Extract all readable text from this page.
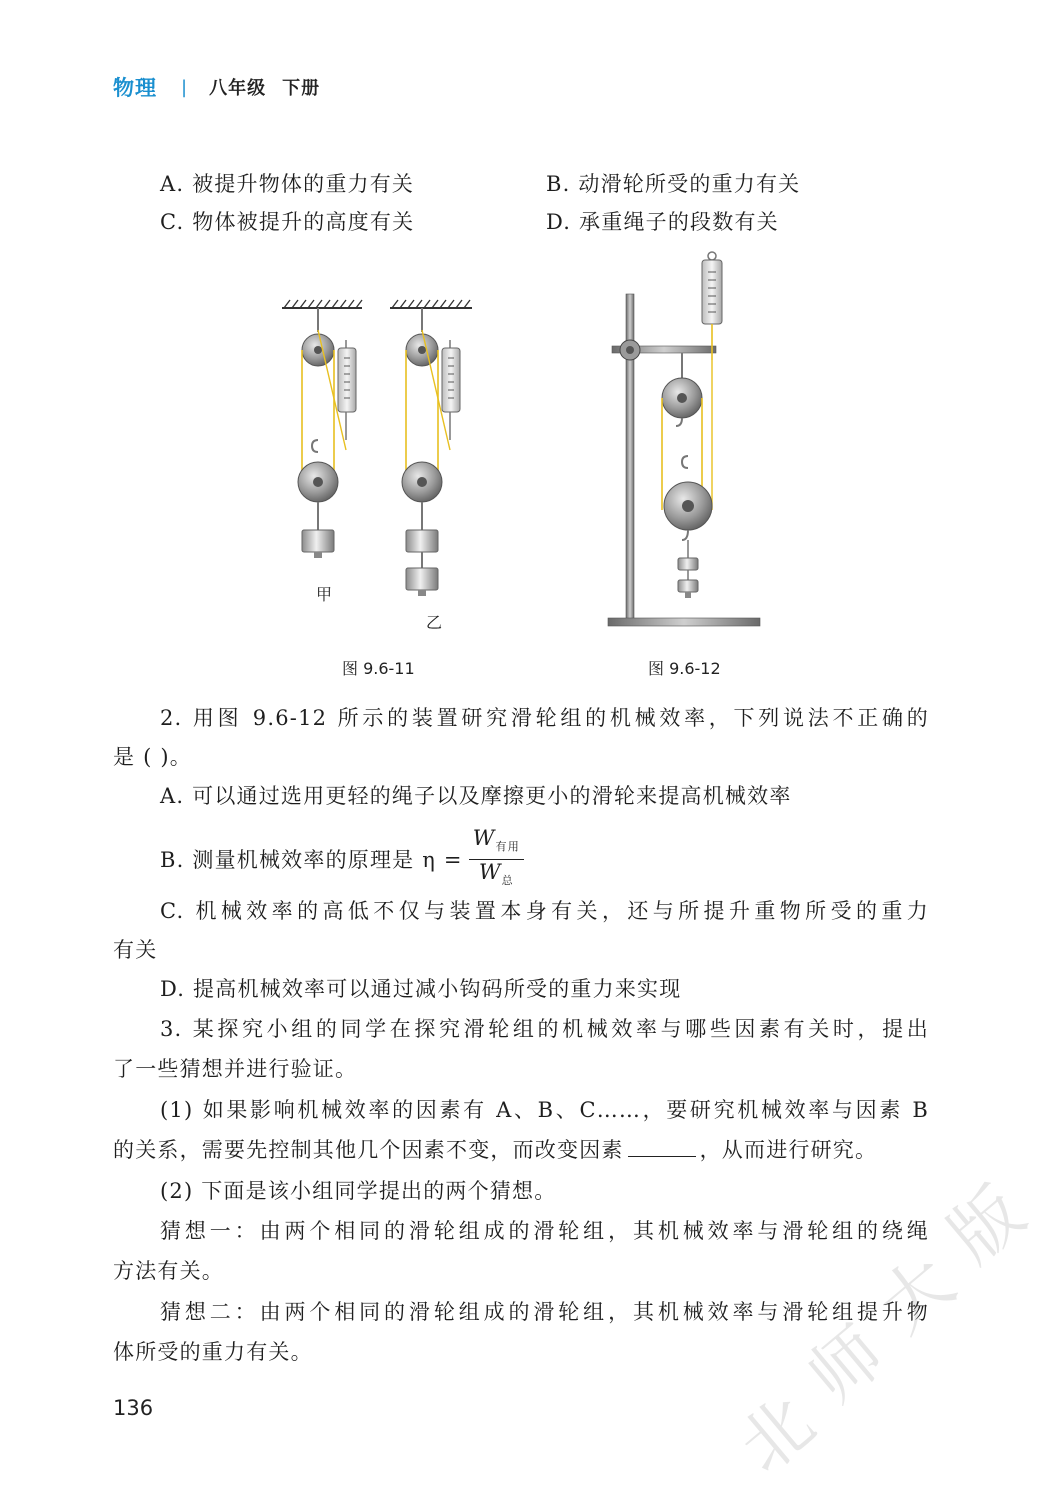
物理 | 八年级 下册
A. 被提升物体的重力有关	B. 动滑轮所受的重力有关
C. 物体被提升的高度有关	D. 承重绳子的段数有关
甲
乙
图 9.6-11	图 9.6-12
2. 用图 9.6-12 所示的装置研究滑轮组的机械效率，下列说法不正确的
是 ( )。
A. 可以通过选用更轻的绳子以及摩擦更小的滑轮来提高机械效率
B. 测量机械效率的原理是 $\eta = \frac{W_{有用}}{W_总}$
C. 机械效率的高低不仅与装置本身有关，还与所提升重物所受的重力
有关
D. 提高机械效率可以通过减小钩码所受的重力来实现
3. 某探究小组的同学在探究滑轮组的机械效率与哪些因素有关时，提出
了一些猜想并进行验证。
(1) 如果影响机械效率的因素有 A、B、C……，要研究机械效率与因素 B
的关系，需要先控制其他几个因素不变，而改变因素	，从而进行研究。
(2) 下面是该小组同学提出的两个猜想。
猜想一：由两个相同的滑轮组成的滑轮组，其机械效率与滑轮组的绕绳
方法有关。
猜想二：由两个相同的滑轮组成的滑轮组，其机械效率与滑轮组提升物
体所受的重力有关。
136	北
师
大
版
